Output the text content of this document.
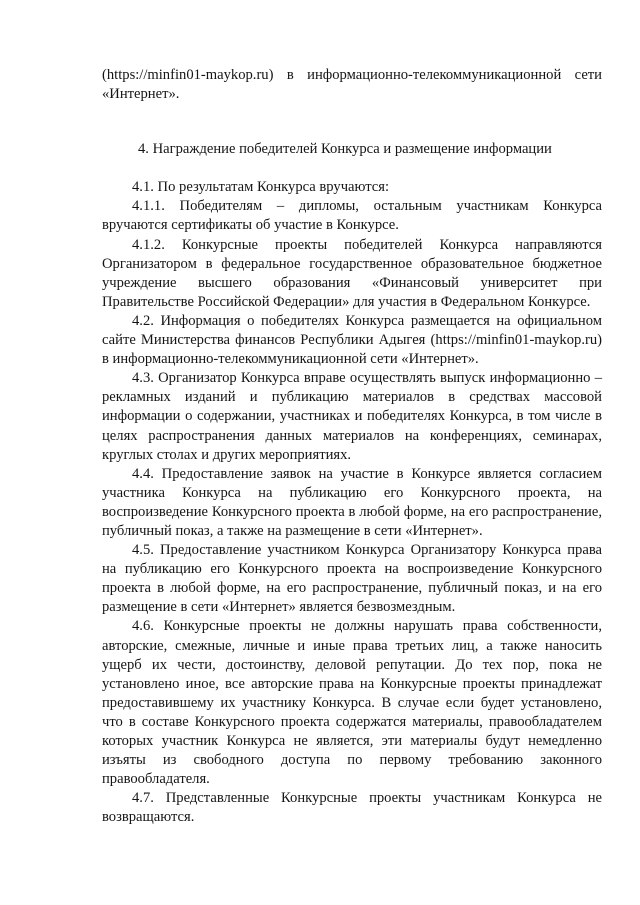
(https://minfin01-maykop.ru) в информационно-телекоммуникационной сети «Интернет».

4. Награждение победителей Конкурса и размещение информации

4.1. По результатам Конкурса вручаются:

4.1.1. Победителям – дипломы, остальным участникам Конкурса вручаются сертификаты об участие в Конкурсе.

4.1.2. Конкурсные проекты победителей Конкурса направляются Организатором в федеральное государственное образовательное бюджетное учреждение высшего образования «Финансовый университет при Правительстве Российской Федерации» для участия в Федеральном Конкурсе.

4.2. Информация о победителях Конкурса размещается на официальном сайте Министерства финансов Республики Адыгея (https://minfin01-maykop.ru) в информационно-телекоммуникационной сети «Интернет».

4.3. Организатор Конкурса вправе осуществлять выпуск информационно – рекламных изданий и публикацию материалов в средствах массовой информации о содержании, участниках и победителях Конкурса, в том числе в целях распространения данных материалов на конференциях, семинарах, круглых столах и других мероприятиях.

4.4. Предоставление заявок на участие в Конкурсе является согласием участника Конкурса на публикацию его Конкурсного проекта, на воспроизведение Конкурсного проекта в любой форме, на его распространение, публичный показ, а также на размещение в сети «Интернет».

4.5. Предоставление участником Конкурса Организатору Конкурса права на публикацию его Конкурсного проекта на воспроизведение Конкурсного проекта в любой форме, на его распространение, публичный показ, и на его размещение в сети «Интернет» является безвозмездным.

4.6. Конкурсные проекты не должны нарушать права собственности, авторские, смежные, личные и иные права третьих лиц, а также наносить ущерб их чести, достоинству, деловой репутации. До тех пор, пока не установлено иное, все авторские права на Конкурсные проекты принадлежат предоставившему их участнику Конкурса. В случае если будет установлено, что в составе Конкурсного проекта содержатся материалы, правообладателем которых участник Конкурса не является, эти материалы будут немедленно изъяты из свободного доступа по первому требованию законного правообладателя.

4.7. Представленные Конкурсные проекты участникам Конкурса не возвращаются.
